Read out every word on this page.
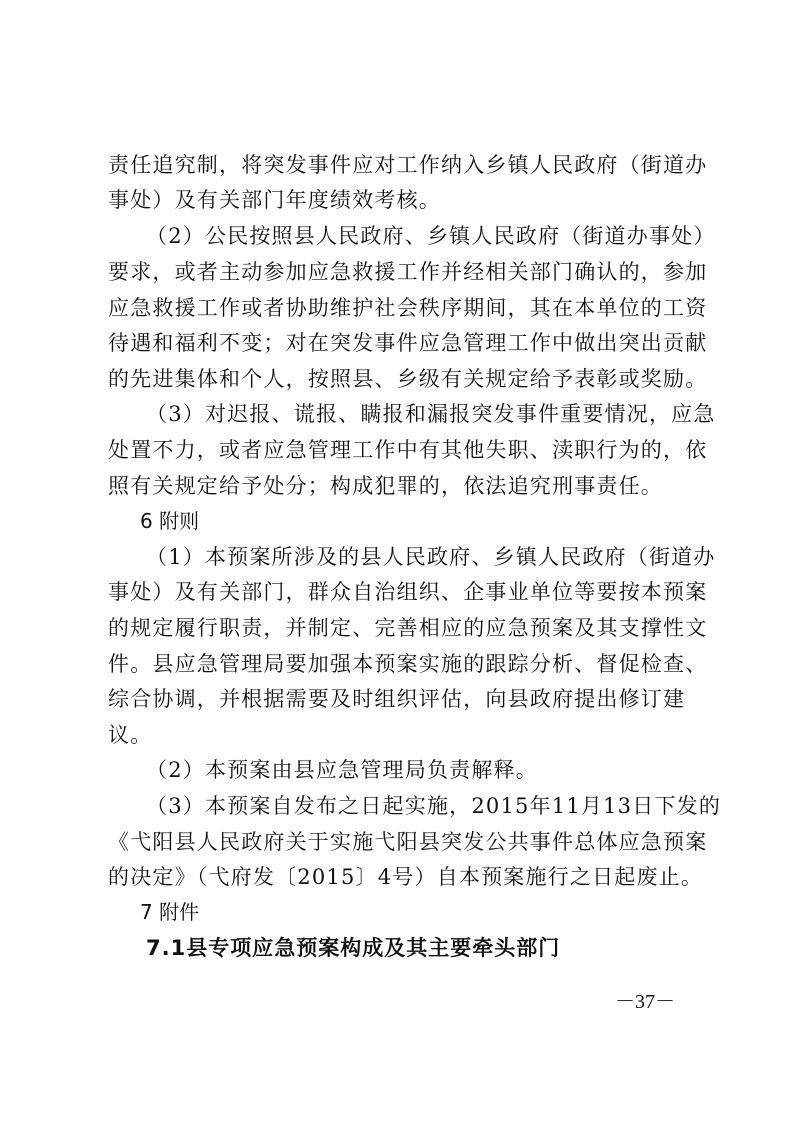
责任追究制，将突发事件应对工作纳入乡镇人民政府（街道办
事处）及有关部门年度绩效考核。
（2）公民按照县人民政府、乡镇人民政府（街道办事处）
要求，或者主动参加应急救援工作并经相关部门确认的，参加
应急救援工作或者协助维护社会秩序期间，其在本单位的工资
待遇和福利不变；对在突发事件应急管理工作中做出突出贡献
的先进集体和个人，按照县、乡级有关规定给予表彰或奖励。
（3）对迟报、谎报、瞒报和漏报突发事件重要情况，应急
处置不力，或者应急管理工作中有其他失职、渎职行为的，依
照有关规定给予处分；构成犯罪的，依法追究刑事责任。
6 附则
（1）本预案所涉及的县人民政府、乡镇人民政府（街道办
事处）及有关部门，群众自治组织、企事业单位等要按本预案
的规定履行职责，并制定、完善相应的应急预案及其支撑性文
件。县应急管理局要加强本预案实施的跟踪分析、督促检查、
综合协调，并根据需要及时组织评估，向县政府提出修订建
议。
（2）本预案由县应急管理局负责解释。
（3）本预案自发布之日起实施，2015年11月13日下发的
《弋阳县人民政府关于实施弋阳县突发公共事件总体应急预案
的决定》（弋府发〔2015〕4号）自本预案施行之日起废止。
7 附件
7.1县专项应急预案构成及其主要牵头部门
－37－
